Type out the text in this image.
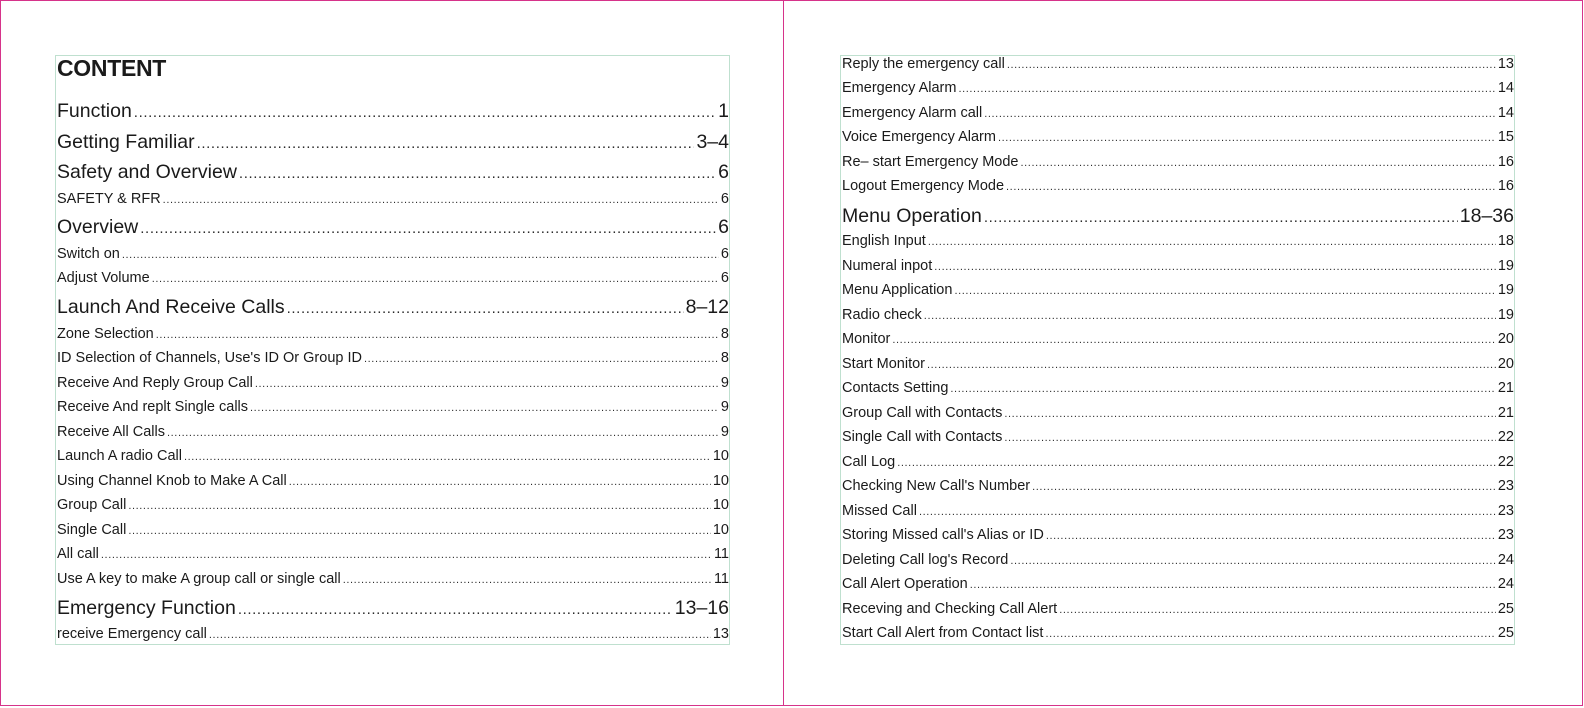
CONTENT
Function .....	1
Getting Familiar .....	3–4
Safety and Overview .....	6
SAFETY & RFR .....	6
Overview .....	6
Switch on .....	6
Adjust Volume .....	6
Launch And Receive Calls .....	8–12
Zone Selection .....	8
ID Selection of Channels, Use's ID Or Group ID .....	8
Receive And Reply Group Call .....	9
Receive And replt Single calls .....	9
Receive All Calls .....	9
Launch A radio Call .....	10
Using Channel Knob to Make A Call .....	10
Group Call .....	10
Single Call .....	10
All call .....	11
Use A key to make A group call or single call .....	11
Emergency Function .....	13–16
receive Emergency call .....	13
Reply the emergency call .....	13
Emergency Alarm .....	14
Emergency Alarm call .....	14
Voice Emergency Alarm .....	15
Re– start Emergency Mode .....	16
Logout Emergency Mode .....	16
Menu Operation .....	18–36
English Input .....	18
Numeral inpot .....	19
Menu Application .....	19
Radio check .....	19
Monitor .....	20
Start Monitor .....	20
Contacts Setting .....	21
Group Call with Contacts .....	21
Single Call with Contacts .....	22
Call Log .....	22
Checking New Call's Number .....	23
Missed Call .....	23
Storing Missed call's Alias or ID .....	23
Deleting Call log's Record .....	24
Call Alert Operation .....	24
Receving and Checking Call Alert .....	25
Start Call Alert from Contact list .....	25
